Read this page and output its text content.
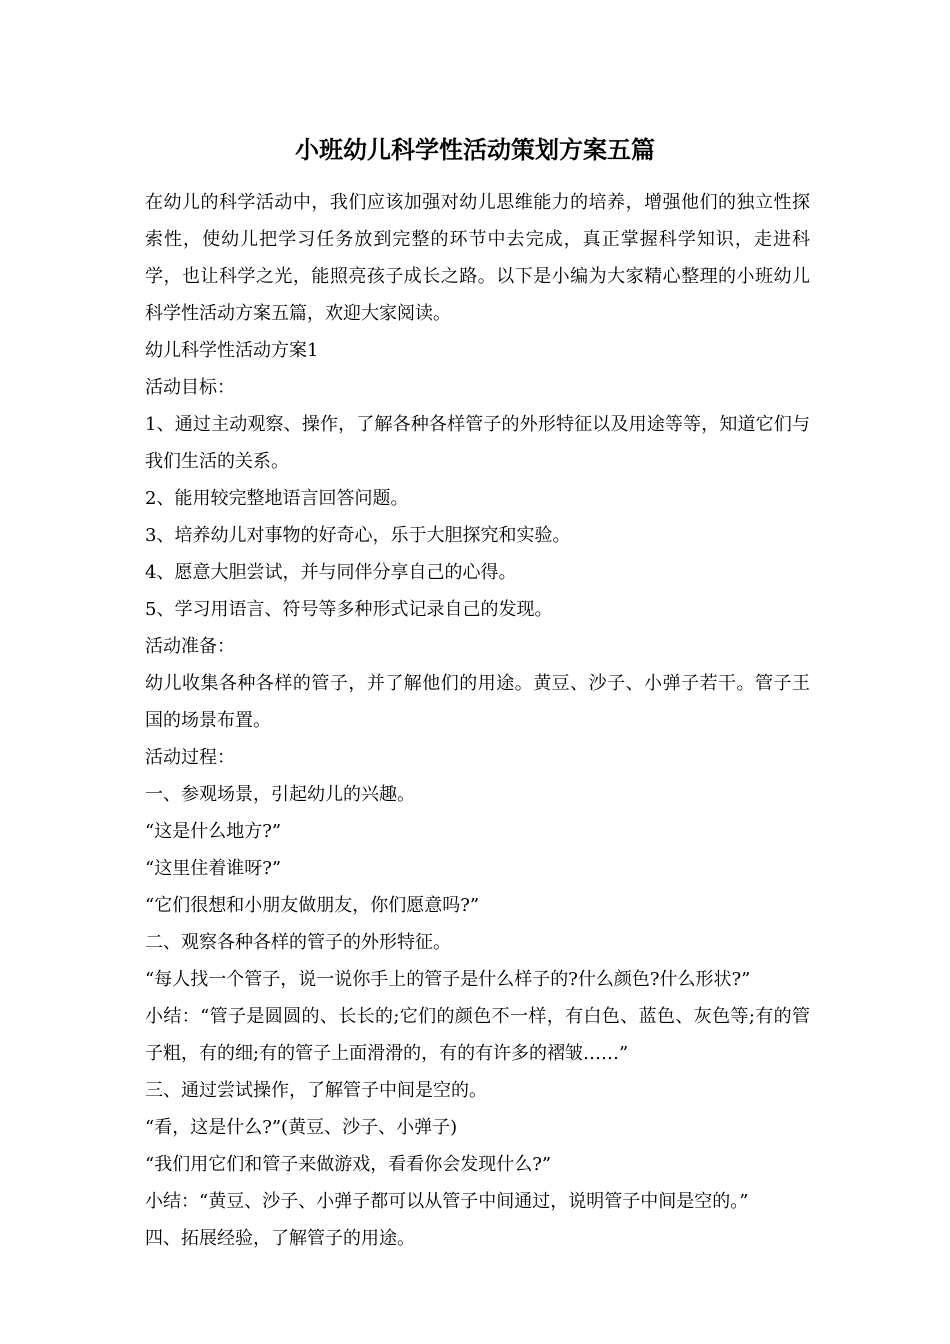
小班幼儿科学性活动策划方案五篇

在幼儿的科学活动中，我们应该加强对幼儿思维能力的培养，增强他们的独立性探索性，使幼儿把学习任务放到完整的环节中去完成，真正掌握科学知识，走进科学，也让科学之光，能照亮孩子成长之路。以下是小编为大家精心整理的小班幼儿科学性活动方案五篇，欢迎大家阅读。

幼儿科学性活动方案1

活动目标：

1、通过主动观察、操作，了解各种各样管子的外形特征以及用途等等，知道它们与我们生活的关系。

2、能用较完整地语言回答问题。

3、培养幼儿对事物的好奇心，乐于大胆探究和实验。

4、愿意大胆尝试，并与同伴分享自己的心得。

5、学习用语言、符号等多种形式记录自己的发现。

活动准备：

幼儿收集各种各样的管子，并了解他们的用途。黄豆、沙子、小弹子若干。管子王国的场景布置。

活动过程：

一、参观场景，引起幼儿的兴趣。

“这是什么地方?”

“这里住着谁呀?”

“它们很想和小朋友做朋友，你们愿意吗?”

二、观察各种各样的管子的外形特征。

“每人找一个管子，说一说你手上的管子是什么样子的?什么颜色?什么形状?”

小结：“管子是圆圆的、长长的;它们的颜色不一样，有白色、蓝色、灰色等;有的管子粗，有的细;有的管子上面滑滑的，有的有许多的褶皱……”

三、通过尝试操作，了解管子中间是空的。

“看，这是什么?”(黄豆、沙子、小弹子)

“我们用它们和管子来做游戏，看看你会发现什么?”

小结：“黄豆、沙子、小弹子都可以从管子中间通过，说明管子中间是空的。”

四、拓展经验，了解管子的用途。
